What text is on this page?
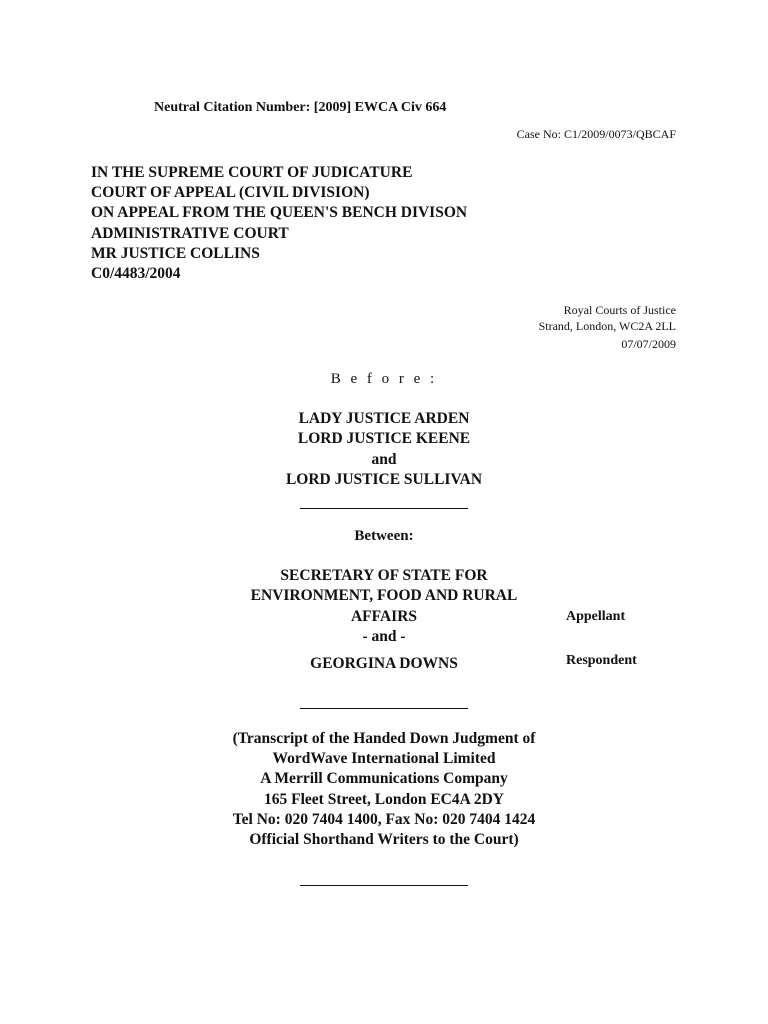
Neutral Citation Number: [2009] EWCA Civ 664
Case No: C1/2009/0073/QBCAF
IN THE SUPREME COURT OF JUDICATURE
COURT OF APPEAL (CIVIL DIVISION)
ON APPEAL FROM THE QUEEN'S BENCH DIVISON
ADMINISTRATIVE COURT
MR JUSTICE COLLINS
C0/4483/2004
Royal Courts of Justice
Strand, London, WC2A 2LL
07/07/2009
B e f o r e :
LADY JUSTICE ARDEN
LORD JUSTICE KEENE
and
LORD JUSTICE SULLIVAN
Between:
SECRETARY OF STATE FOR
ENVIRONMENT, FOOD AND RURAL
AFFAIRS
- and -
GEORGINA DOWNS
Appellant
Respondent
(Transcript of the Handed Down Judgment of
WordWave International Limited
A Merrill Communications Company
165 Fleet Street, London EC4A 2DY
Tel No: 020 7404 1400, Fax No: 020 7404 1424
Official Shorthand Writers to the Court)
